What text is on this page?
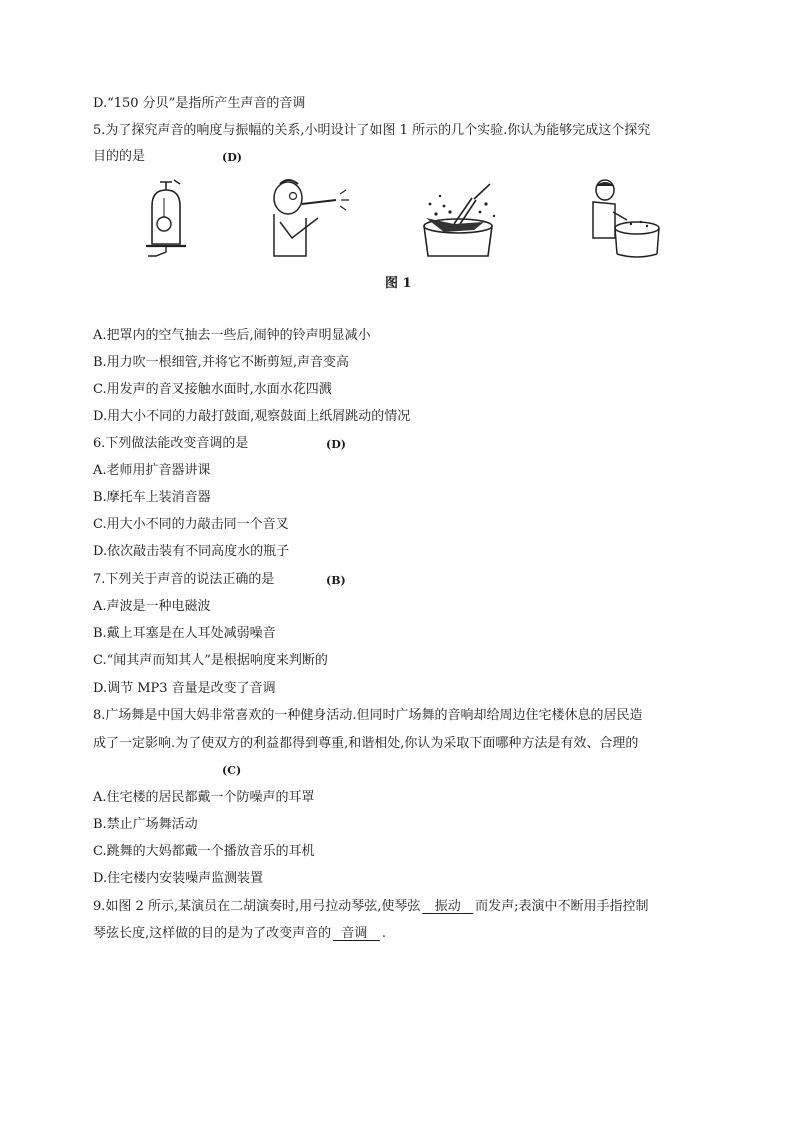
D.“150 分贝”是指所产生声音的音调
5.为了探究声音的响度与振幅的关系,小明设计了如图 1 所示的几个实验.你认为能够完成这个探究
目的的是	(D)
图 1
A.把罩内的空气抽去一些后,闹钟的铃声明显减小
B.用力吹一根细管,并将它不断剪短,声音变高
C.用发声的音叉接触水面时,水面水花四溅
D.用大小不同的力敲打鼓面,观察鼓面上纸屑跳动的情况
6.下列做法能改变音调的是	(D)
A.老师用扩音器讲课
B.摩托车上装消音器
C.用大小不同的力敲击同一个音叉
D.依次敲击装有不同高度水的瓶子
7.下列关于声音的说法正确的是	(B)
A.声波是一种电磁波
B.戴上耳塞是在人耳处减弱噪音
C.“闻其声而知其人”是根据响度来判断的
D.调节 MP3 音量是改变了音调
8.广场舞是中国大妈非常喜欢的一种健身活动.但同时广场舞的音响却给周边住宅楼休息的居民造
成了一定影响.为了使双方的利益都得到尊重,和谐相处,你认为采取下面哪种方法是有效、合理的
(C)
A.住宅楼的居民都戴一个防噪声的耳罩
B.禁止广场舞活动
C.跳舞的大妈都戴一个播放音乐的耳机
D.住宅楼内安装噪声监测装置
9.如图 2 所示,某演员在二胡演奏时,用弓拉动琴弦,使琴弦 振动 而发声;表演中不断用手指控制
琴弦长度,这样做的目的是为了改变声音的 音调 .
